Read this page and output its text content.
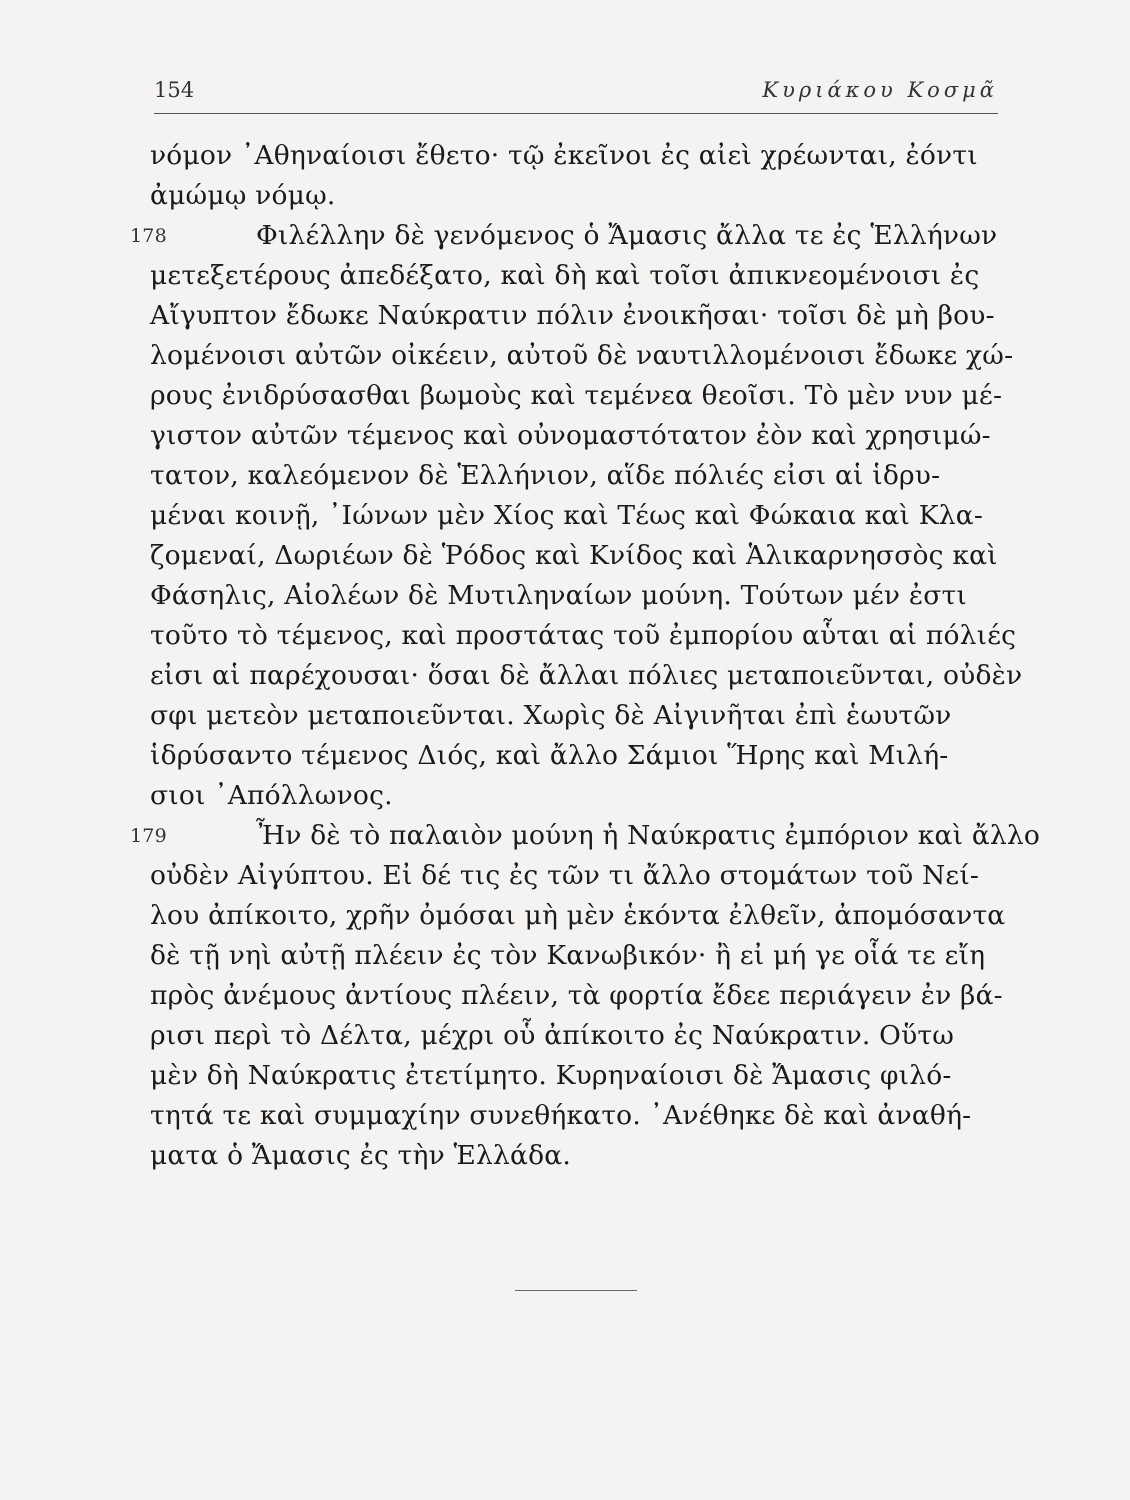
154	Κυριάκου Κοσμᾶ
νόμον ᾿Αθηναίοισι ἔθετο· τῷ ἐκεῖνοι ἐς αἰεὶ χρέωνται, ἐόντι
ἀμώμῳ νόμῳ.
178	Φιλέλλην δὲ γενόμενος ὁ Ἄμασις ἄλλα τε ἐς Ἑλλήνων
μετεξετέρους ἀπεδέξατο, καὶ δὴ καὶ τοῖσι ἀπικνεομένοισι ἐς
Αἴγυπτον ἔδωκε Ναύκρατιν πόλιν ἐνοικῆσαι· τοῖσι δὲ μὴ βου-
λομένοισι αὐτῶν οἰκέειν, αὐτοῦ δὲ ναυτιλλομένοισι ἔδωκε χώ-
ρους ἐνιδρύσασθαι βωμοὺς καὶ τεμένεα θεοῖσι. Τὸ μὲν νυν μέ-
γιστον αὐτῶν τέμενος καὶ οὐνομαστότατον ἐὸν καὶ χρησιμώ-
τατον, καλεόμενον δὲ Ἑλλήνιον, αἵδε πόλιές εἰσι αἱ ἱδρυ-
μέναι κοινῇ, ᾿Ιώνων μὲν Χίος καὶ Τέως καὶ Φώκαια καὶ Κλα-
ζομεναί, Δωριέων δὲ Ῥόδος καὶ Κνίδος καὶ Ἁλικαρνησσὸς καὶ
Φάσηλις, Αἰολέων δὲ Μυτιληναίων μούνη. Τούτων μέν ἐστι
τοῦτο τὸ τέμενος, καὶ προστάτας τοῦ ἐμπορίου αὗται αἱ πόλιές
εἰσι αἱ παρέχουσαι· ὅσαι δὲ ἄλλαι πόλιες μεταποιεῦνται, οὐδὲν
σφι μετεὸν μεταποιεῦνται. Χωρὶς δὲ Αἰγινῆται ἐπὶ ἑωυτῶν
ἱδρύσαντο τέμενος Διός, καὶ ἄλλο Σάμιοι Ἥρης καὶ Μιλή-
σιοι ᾿Απόλλωνος.
179	Ἦν δὲ τὸ παλαιὸν μούνη ἡ Ναύκρατις ἐμπόριον καὶ ἄλλο
οὐδὲν Αἰγύπτου. Εἰ δέ τις ἐς τῶν τι ἄλλο στομάτων τοῦ Νεί-
λου ἀπίκοιτο, χρῆν ὀμόσαι μὴ μὲν ἑκόντα ἐλθεῖν, ἀπομόσαντα
δὲ τῇ νηὶ αὐτῇ πλέειν ἐς τὸν Κανωβικόν· ἢ εἰ μή γε οἷά τε εἴη
πρὸς ἀνέμους ἀντίους πλέειν, τὰ φορτία ἔδεε περιάγειν ἐν βά-
ρισι περὶ τὸ Δέλτα, μέχρι οὗ ἀπίκοιτο ἐς Ναύκρατιν. Οὕτω
μὲν δὴ Ναύκρατις ἐτετίμητο. Κυρηναίοισι δὲ Ἄμασις φιλό-
τητά τε καὶ συμμαχίην συνεθήκατο. ᾿Ανέθηκε δὲ καὶ ἀναθή-
ματα ὁ Ἄμασις ἐς τὴν Ἑλλάδα.
